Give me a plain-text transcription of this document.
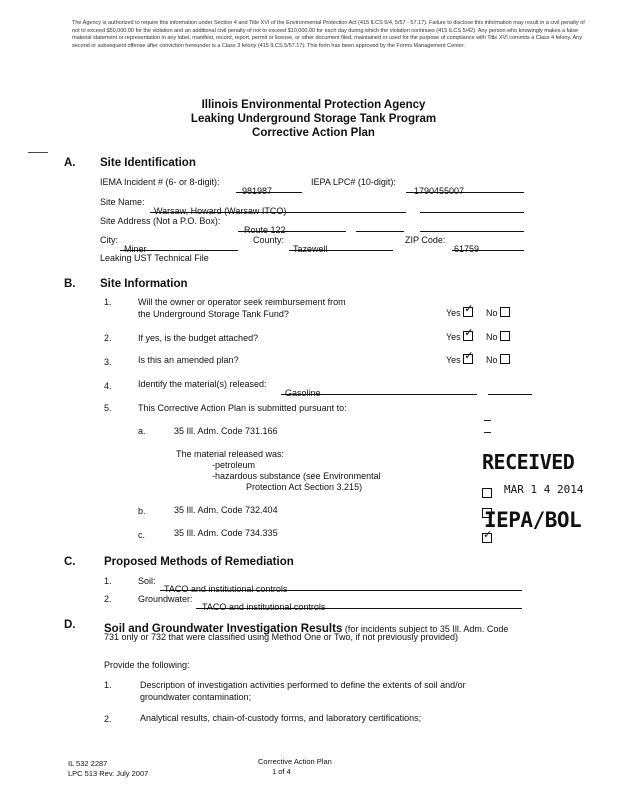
The Agency is authorized to require this information under Section 4 and Title XVI of the Environmental Protection Act (415 ILCS 5/4, 5/57 - 57.17). Failure to disclose this information may result in a civil penalty of not to exceed $50,000.00 for the violation and an additional civil penalty of not to exceed $10,000.00 for each day during which the violation continues (415 ILCS 5/42). Any person who knowingly makes a false material statement or representation in any label, manifest, record, report, permit or license, or other document filed, maintained or used for the purpose of compliance with Title XVI commits a Class 4 felony. Any second or subsequent offense after conviction hereunder is a Class 3 felony (415 ILCS 5/57.17). This form has been approved by the Forms Management Center.
Illinois Environmental Protection Agency
Leaking Underground Storage Tank Program
Corrective Action Plan
A. Site Identification
IEMA Incident # (6- or 8-digit):
981987
IEPA LPC# (10-digit):
1790455007
Site Name:
Warsaw, Howard (Warsaw ITCO)
Site Address (Not a P.O. Box):
Route 122
City:
Miner
County:
Tazewell
ZIP Code:
61759
Leaking UST Technical File
B. Site Information
1.	Will the owner or operator seek reimbursement from
the Underground Storage Tank Fund?	Yes ✓ No
2.	If yes, is the budget attached?	Yes ✓ No
3.	Is this an amended plan?	Yes ✓ No
4.	Identify the material(s) released:
Gasoline
5.	This Corrective Action Plan is submitted pursuant to:
a.	35 Ill. Adm. Code 731.166
The material released was:
-petroleum
-hazardous substance (see Environmental
Protection Act Section 3.215)
b.	35 Ill. Adm. Code 732.404
c.	35 Ill. Adm. Code 734.335
RECEIVED
MAR 1 4 2014
IEPA/BOL
✓
C. Proposed Methods of Remediation
1.	Soil:
TACO and institutional controls
2.	Groundwater:
TACO and institutional controls
D. Soil and Groundwater Investigation Results (for incidents subject to 35 Ill. Adm. Code
731 only or 732 that were classified using Method One or Two, if not previously provided)
Provide the following:
1.	Description of investigation activities performed to define the extents of soil and/or
groundwater contamination;
2.	Analytical results, chain-of-custody forms, and laboratory certifications;
IL 532 2287
LPC 513 Rev. July 2007
Corrective Action Plan
1 of 4
